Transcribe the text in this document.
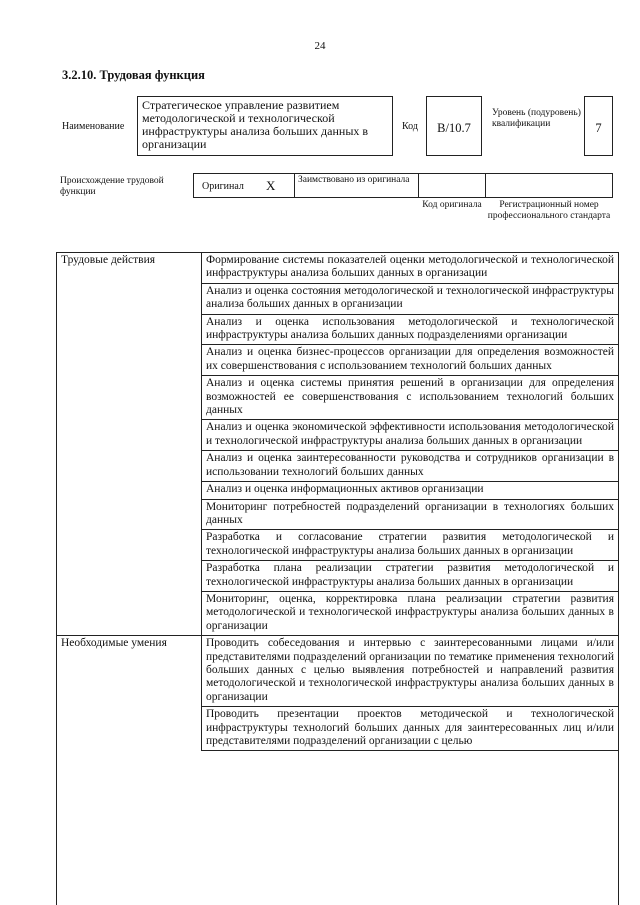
24
3.2.10. Трудовая функция
Наименование
Стратегическое управление развитием методологической и технологической инфраструктуры анализа больших данных в организации
Код	B/10.7
Уровень (подуровень) квалификации	7
Происхождение трудовой функции	Оригинал X	Заимствовано из оригинала
Код оригинала	Регистрационный номер профессионального стандарта
Трудовые действия	Формирование системы показателей оценки методологической и технологической инфраструктуры анализа больших данных в организации
	Анализ и оценка состояния методологической и технологической инфраструктуры анализа больших данных в организации
	Анализ и оценка использования методологической и технологической инфраструктуры анализа больших данных подразделениями организации
	Анализ и оценка бизнес-процессов организации для определения возможностей их совершенствования с использованием технологий больших данных
	Анализ и оценка системы принятия решений в организации для определения возможностей ее совершенствования с использованием технологий больших данных
	Анализ и оценка экономической эффективности использования методологической и технологической инфраструктуры анализа больших данных в организации
	Анализ и оценка заинтересованности руководства и сотрудников организации в использовании технологий больших данных
	Анализ и оценка информационных активов организации
	Мониторинг потребностей подразделений организации в технологиях больших данных
	Разработка и согласование стратегии развития методологической и технологической инфраструктуры анализа больших данных в организации
	Разработка плана реализации стратегии развития методологической и технологической инфраструктуры анализа больших данных в организации
	Мониторинг, оценка, корректировка плана реализации стратегии развития методологической и технологической инфраструктуры анализа больших данных в организации
Необходимые умения	Проводить собеседования и интервью с заинтересованными лицами и/или представителями подразделений организации по тематике применения технологий больших данных с целью выявления потребностей и направлений развития методологической и технологической инфраструктуры анализа больших данных в организации
	Проводить презентации проектов методической и технологической инфраструктуры технологий больших данных для заинтересованных лиц и/или представителями подразделений организации с целью
